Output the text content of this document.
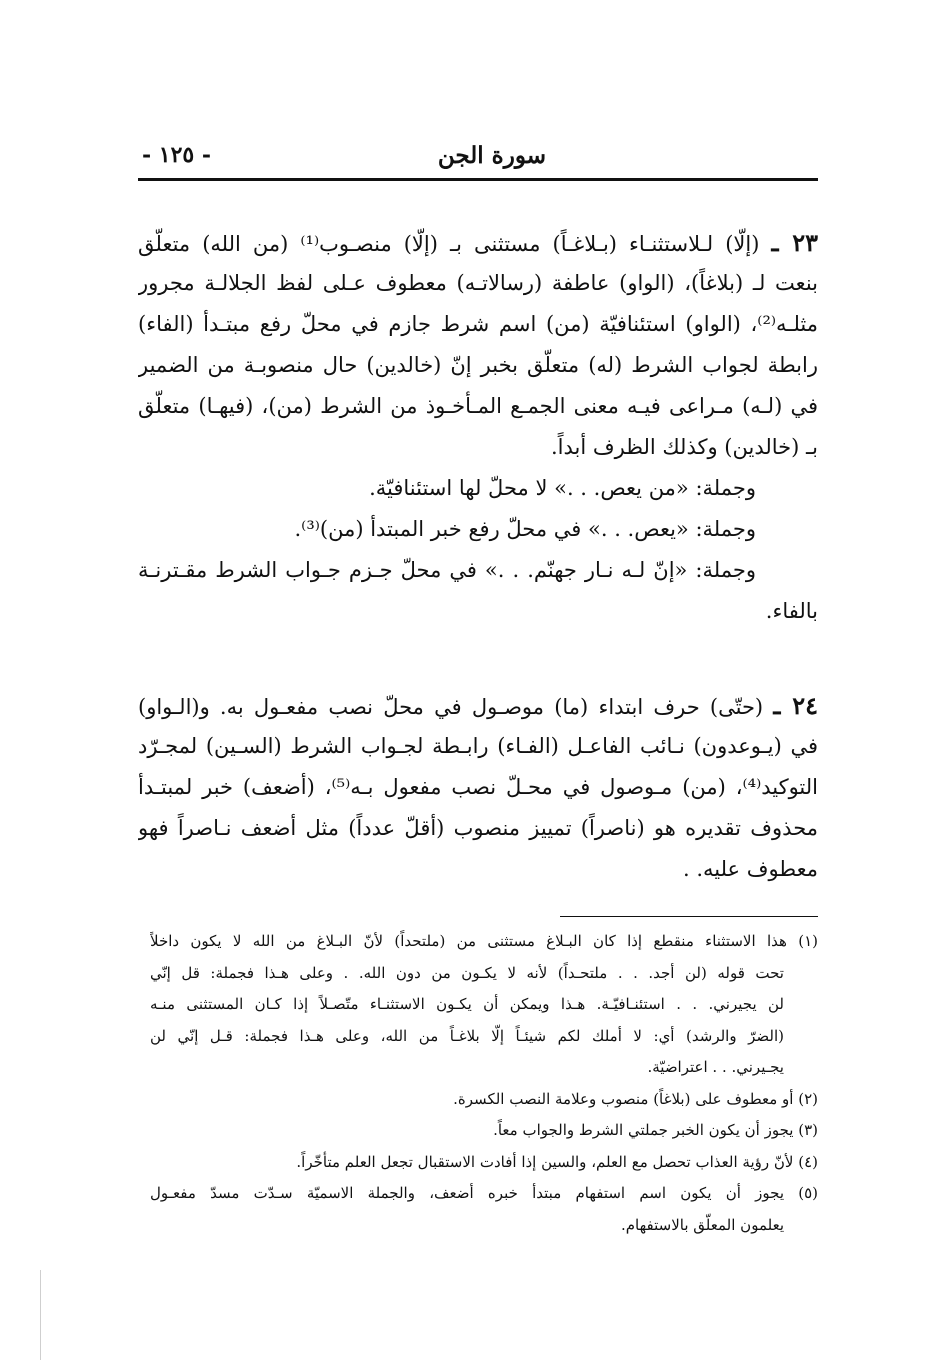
سورة الجن
- ١٢٥ -
٢٣ ـ (إلّا) لـلاستثنـاء (بـلاغـاً) مستثنى بـ (إلّا) منصـوب⁽¹⁾ (من الله) متعلّق
بنعت لـ (بلاغاً)، (الواو) عاطفة (رسالاتـه) معطوف عـلى لفظ الجلالـة مجرور
مثلـه⁽²⁾، (الواو) استئنافيّة (من) اسم شرط جازم في محلّ رفع مبتـدأ (الفاء)
رابطة لجواب الشرط (له) متعلّق بخبر إنّ (خالدين) حال منصوبـة من الضمير
في (لـه) مـراعى فيـه معنى الجمـع المـأخـوذ من الشرط (من)، (فيهـا) متعلّق
بـ (خالدين) وكذلك الظرف أبداً.
وجملة: «من يعص. . .» لا محلّ لها استئنافيّة.
وجملة: «يعص. . .» في محلّ رفع خبر المبتدأ (من)⁽³⁾.
وجملة: «إنّ لـه نـار جهنّم. . .» في محلّ جـزم جـواب الشرط مقـترنـة
بالفاء.
٢٤ ـ (حتّى) حرف ابتداء (ما) موصـول في محلّ نصب مفعـول به. و(الـواو)
في (يـوعدون) نـائب الفاعـل (الفـاء) رابـطة لجـواب الشرط (السـين) لمجـرّد
التوكيد⁽⁴⁾، (من) مـوصول في محـلّ نصب مفعول بـه⁽⁵⁾، (أضعف) خبر لمبتـدأ
محذوف تقديره هو (ناصراً) تمييز منصوب (أقلّ عدداً) مثل أضعف نـاصراً فهو
معطوف عليه. .
(١) هذا الاستثناء منقطع إذا كان البـلاغ مستثنى من (ملتحداً) لأنّ البـلاغ من الله لا يكون داخلاً
تحت قوله (لن أجد. . . ملتحـداً) لأنه لا يكـون من دون الله. . وعلى هـذا فجملة: قل إنّي
لن يجيرني. . . استئنـافيّـة. هـذا ويمكن أن يكـون الاستثنـاء متّصـلاً إذا كـان المستثنى منـه
(الضرّ والرشد) أي: لا أملك لكم شيئـاً إلّا بلاغـاً من الله، وعلى هـذا فجملة: قـل إنّي لن
يجـيرني. . . اعتراضيّة.
(٢) أو معطوف على (بلاغاً) منصوب وعلامة النصب الكسرة.
(٣) يجوز أن يكون الخبر جملتي الشرط والجواب معاً.
(٤) لأنّ رؤية العذاب تحصل مع العلم، والسين إذا أفادت الاستقبال تجعل العلم متأخّراً.
(٥) يجوز أن يكون اسم استفهام مبتدأ خبره أضعف، والجملة الاسميّة سـدّت مسدّ مفعـول
يعلمون المعلّق بالاستفهام.
